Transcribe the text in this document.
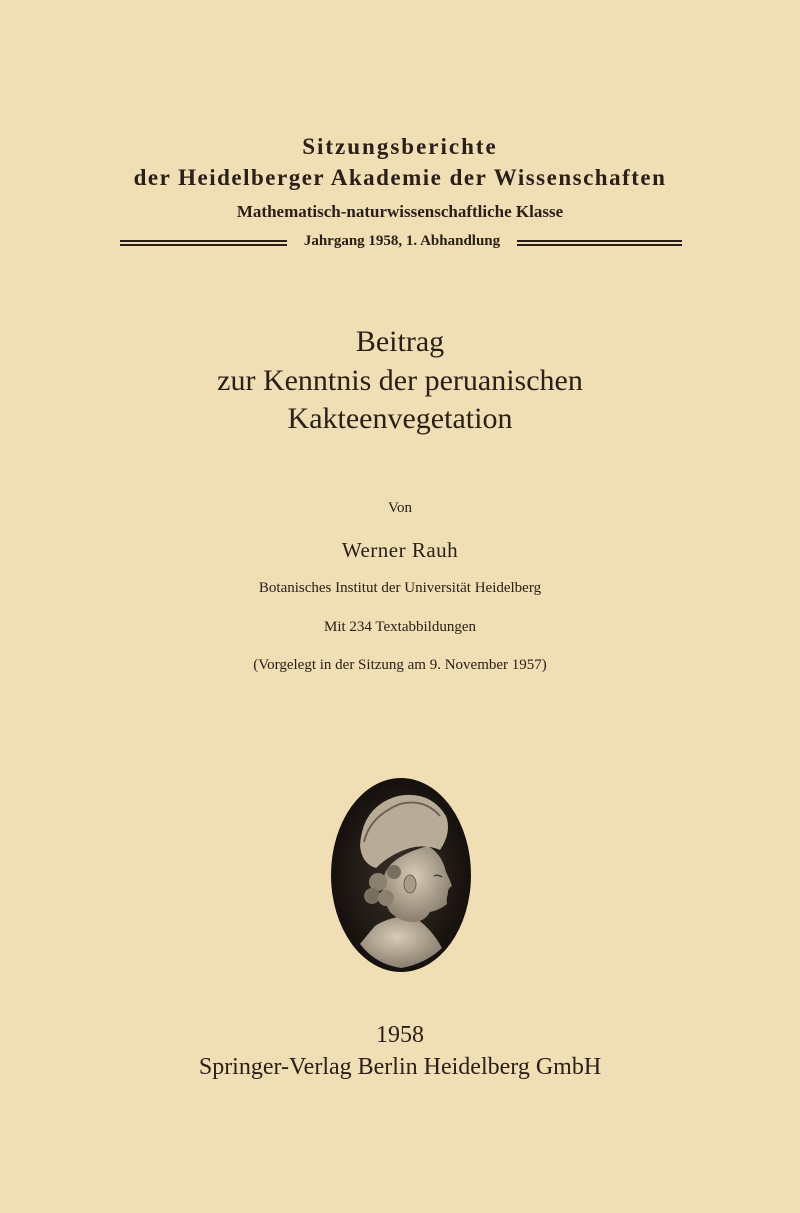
Sitzungsberichte
der Heidelberger Akademie der Wissenschaften
Mathematisch-naturwissenschaftliche Klasse
Jahrgang 1958, 1. Abhandlung
Beitrag
zur Kenntnis der peruanischen
Kakteenvegetation
Von
Werner Rauh
Botanisches Institut der Universität Heidelberg
Mit 234 Textabbildungen
(Vorgelegt in der Sitzung am 9. November 1957)
1958
Springer-Verlag Berlin Heidelberg GmbH
